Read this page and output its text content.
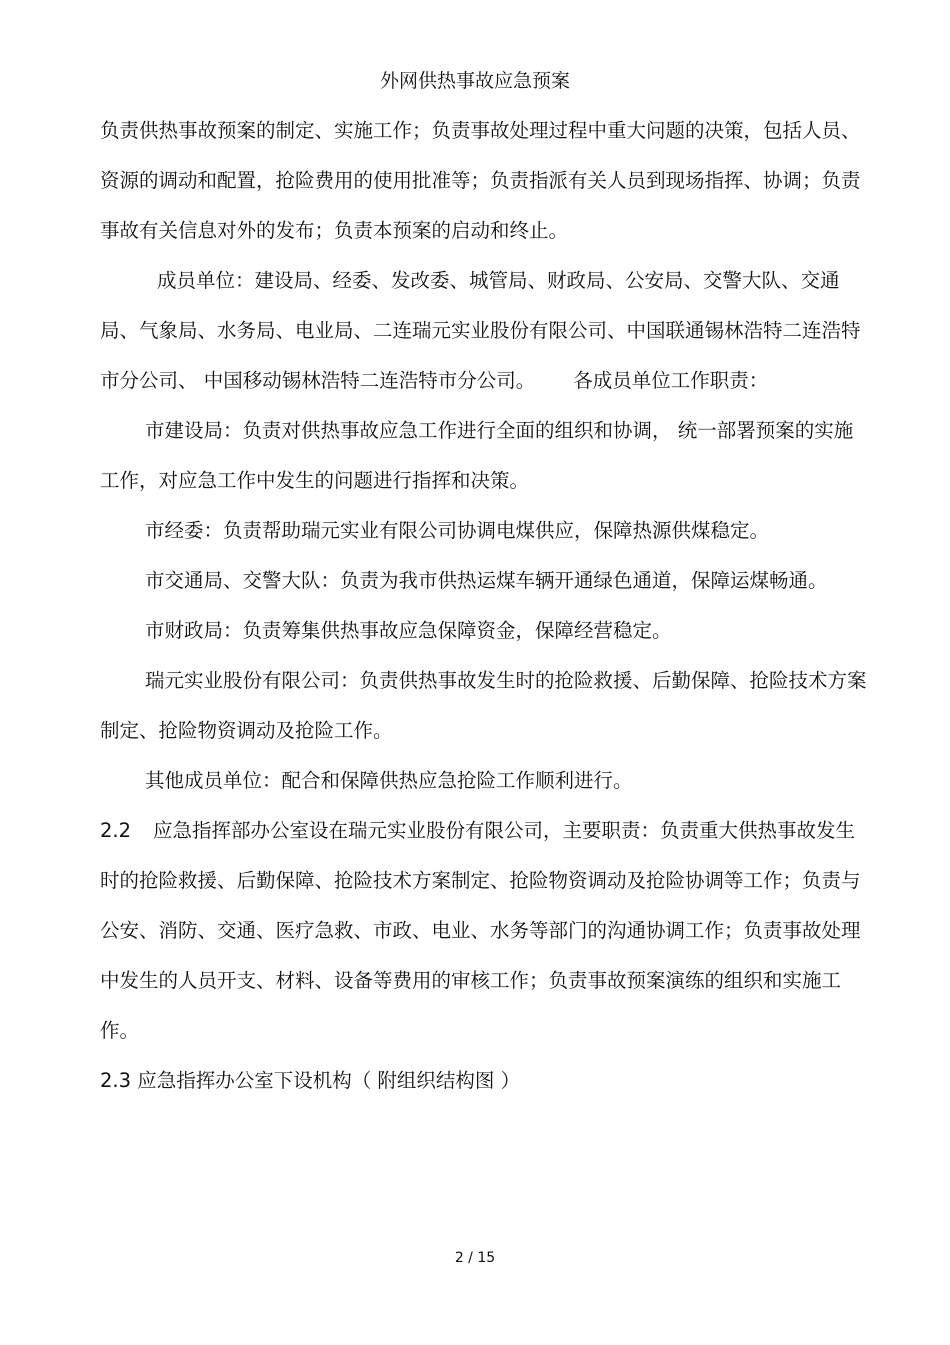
外网供热事故应急预案

负责供热事故预案的制定、实施工作；负责事故处理过程中重大问题的决策，包括人员、资源的调动和配置，抢险费用的使用批准等；负责指派有关人员到现场指挥、协调；负责事故有关信息对外的发布；负责本预案的启动和终止。

成员单位：建设局、经委、发改委、城管局、财政局、公安局、交警大队、交通局、气象局、水务局、电业局、二连瑞元实业股份有限公司、中国联通锡林浩特二连浩特市分公司、 中国移动锡林浩特二连浩特市分公司。 各成员单位工作职责：

市建设局：负责对供热事故应急工作进行全面的组织和协调， 统一部署预案的实施工作，对应急工作中发生的问题进行指挥和决策。

市经委：负责帮助瑞元实业有限公司协调电煤供应，保障热源供煤稳定。

市交通局、交警大队：负责为我市供热运煤车辆开通绿色通道，保障运煤畅通。

市财政局：负责筹集供热事故应急保障资金，保障经营稳定。

瑞元实业股份有限公司：负责供热事故发生时的抢险救援、后勤保障、抢险技术方案制定、抢险物资调动及抢险工作。

其他成员单位：配合和保障供热应急抢险工作顺利进行。

2.2 应急指挥部办公室设在瑞元实业股份有限公司，主要职责：负责重大供热事故发生时的抢险救援、后勤保障、抢险技术方案制定、抢险物资调动及抢险协调等工作；负责与公安、消防、交通、医疗急救、市政、电业、水务等部门的沟通协调工作；负责事故处理中发生的人员开支、材料、设备等费用的审核工作；负责事故预案演练的组织和实施工作。

2.3 应急指挥办公室下设机构（ 附组织结构图 ）

2 / 15
